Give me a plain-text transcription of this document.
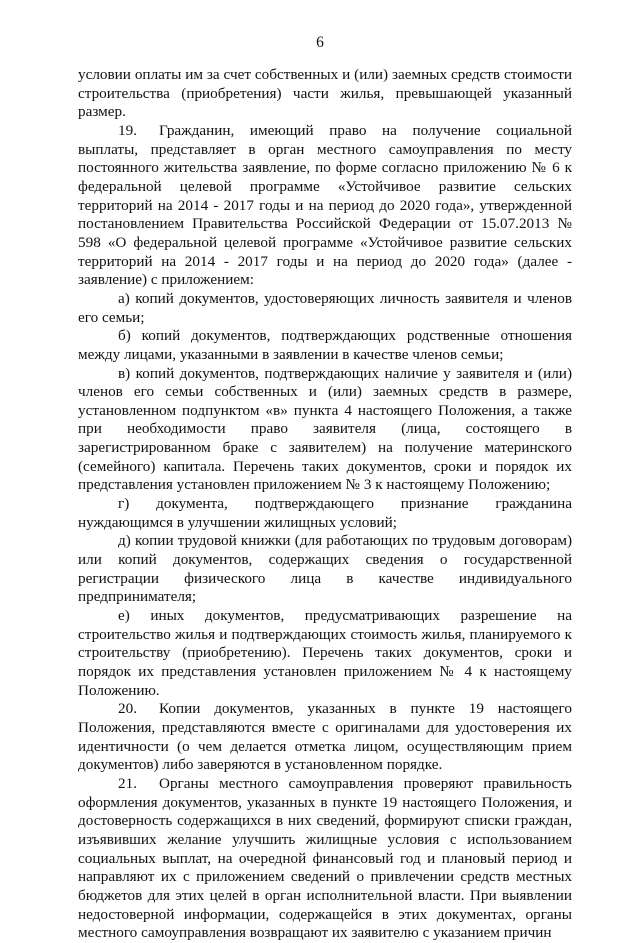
6

условии оплаты им за счет собственных и (или) заемных средств стоимости строительства (приобретения) части жилья, превышающей указанный размер.

19. Гражданин, имеющий право на получение социальной выплаты, представляет в орган местного самоуправления по месту постоянного жительства заявление, по форме согласно приложению № 6 к федеральной целевой программе «Устойчивое развитие сельских территорий на 2014 - 2017 годы и на период до 2020 года», утвержденной постановлением Правительства Российской Федерации от 15.07.2013 № 598 «О федеральной целевой программе «Устойчивое развитие сельских территорий на 2014 - 2017 годы и на период до 2020 года» (далее - заявление) с приложением:

а) копий документов, удостоверяющих личность заявителя и членов его семьи;

б) копий документов, подтверждающих родственные отношения между лицами, указанными в заявлении в качестве членов семьи;

в) копий документов, подтверждающих наличие у заявителя и (или) членов его семьи собственных и (или) заемных средств в размере, установленном подпунктом «в» пункта 4 настоящего Положения, а также при необходимости право заявителя (лица, состоящего в зарегистрированном браке с заявителем) на получение материнского (семейного) капитала. Перечень таких документов, сроки и порядок их представления установлен приложением № 3 к настоящему Положению;

г) документа, подтверждающего признание гражданина нуждающимся в улучшении жилищных условий;

д) копии трудовой книжки (для работающих по трудовым договорам) или копий документов, содержащих сведения о государственной регистрации физического лица в качестве индивидуального предпринимателя;

е) иных документов, предусматривающих разрешение на строительство жилья и подтверждающих стоимость жилья, планируемого к строительству (приобретению). Перечень таких документов, сроки и порядок их представления установлен приложением № 4 к настоящему Положению.

20. Копии документов, указанных в пункте 19 настоящего Положения, представляются вместе с оригиналами для удостоверения их идентичности (о чем делается отметка лицом, осуществляющим прием документов) либо заверяются в установленном порядке.

21. Органы местного самоуправления проверяют правильность оформления документов, указанных в пункте 19 настоящего Положения, и достоверность содержащихся в них сведений, формируют списки граждан, изъявивших желание улучшить жилищные условия с использованием социальных выплат, на очередной финансовый год и плановый период и направляют их с приложением сведений о привлечении средств местных бюджетов для этих целей в орган исполнительной власти. При выявлении недостоверной информации, содержащейся в этих документах, органы местного самоуправления возвращают их заявителю с указанием причин
